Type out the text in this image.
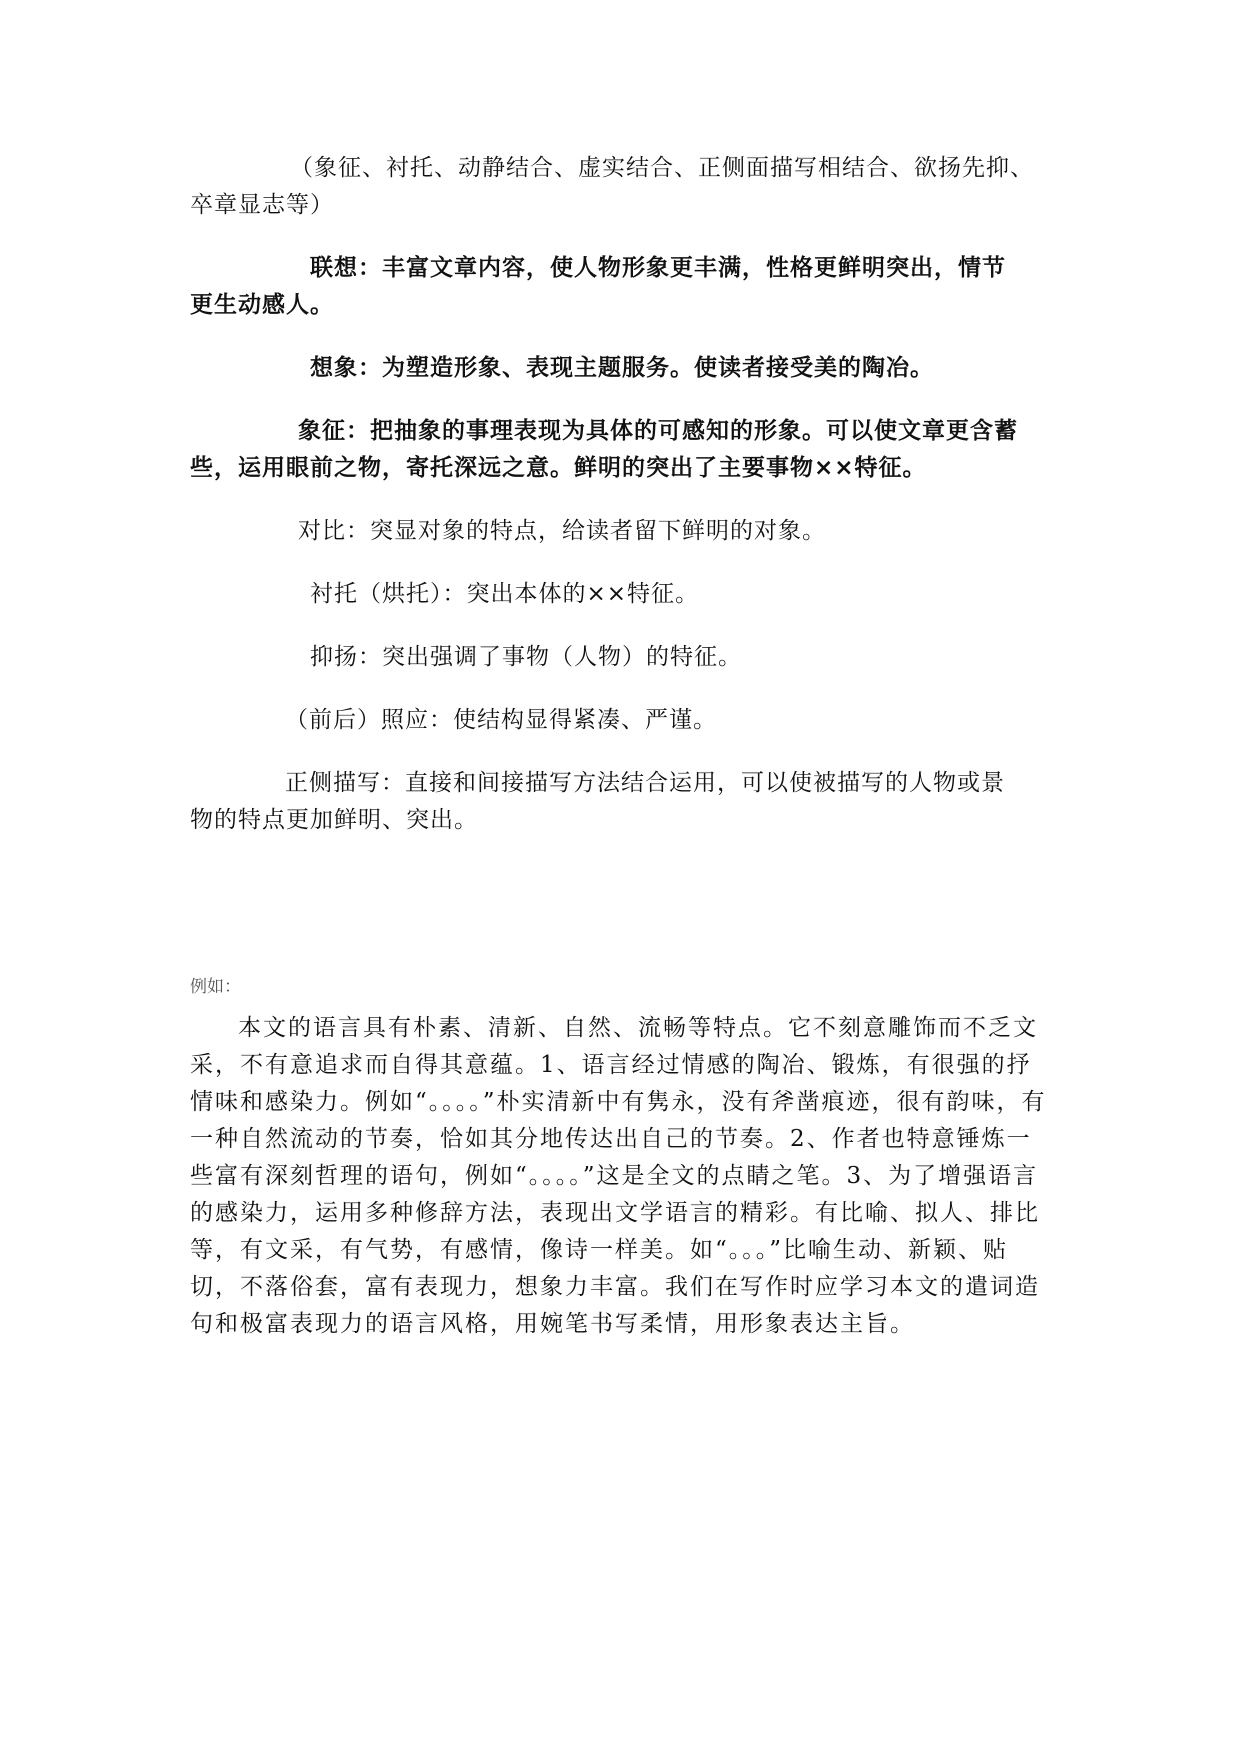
（象征、衬托、动静结合、虚实结合、正侧面描写相结合、欲扬先抑、
卒章显志等）
联想：丰富文章内容，使人物形象更丰满，性格更鲜明突出，情节
更生动感人。
想象：为塑造形象、表现主题服务。使读者接受美的陶冶。
象征：把抽象的事理表现为具体的可感知的形象。可以使文章更含蓄
些，运用眼前之物，寄托深远之意。鲜明的突出了主要事物××特征。
对比：突显对象的特点，给读者留下鲜明的对象。
衬托（烘托）：突出本体的××特征。
抑扬：突出强调了事物（人物）的特征。
（前后）照应：使结构显得紧凑、严谨。
正侧描写：直接和间接描写方法结合运用，可以使被描写的人物或景
物的特点更加鲜明、突出。
例如：

本文的语言具有朴素、清新、自然、流畅等特点。它不刻意雕饰而不乏文采，不有意追求而自得其意蕴。1、语言经过情感的陶冶、锻炼，有很强的抒情味和感染力。例如“。。。。”朴实清新中有隽永，没有斧凿痕迹，很有韵味，有一种自然流动的节奏，恰如其分地传达出自己的节奏。2、作者也特意锤炼一些富有深刻哲理的语句，例如“。。。。”这是全文的点睛之笔。3、为了增强语言的感染力，运用多种修辞方法，表现出文学语言的精彩。有比喻、拟人、排比等，有文采，有气势，有感情，像诗一样美。如“。。。”比喻生动、新颖、贴切，不落俗套，富有表现力，想象力丰富。我们在写作时应学习本文的遣词造句和极富表现力的语言风格，用婉笔书写柔情，用形象表达主旨。
